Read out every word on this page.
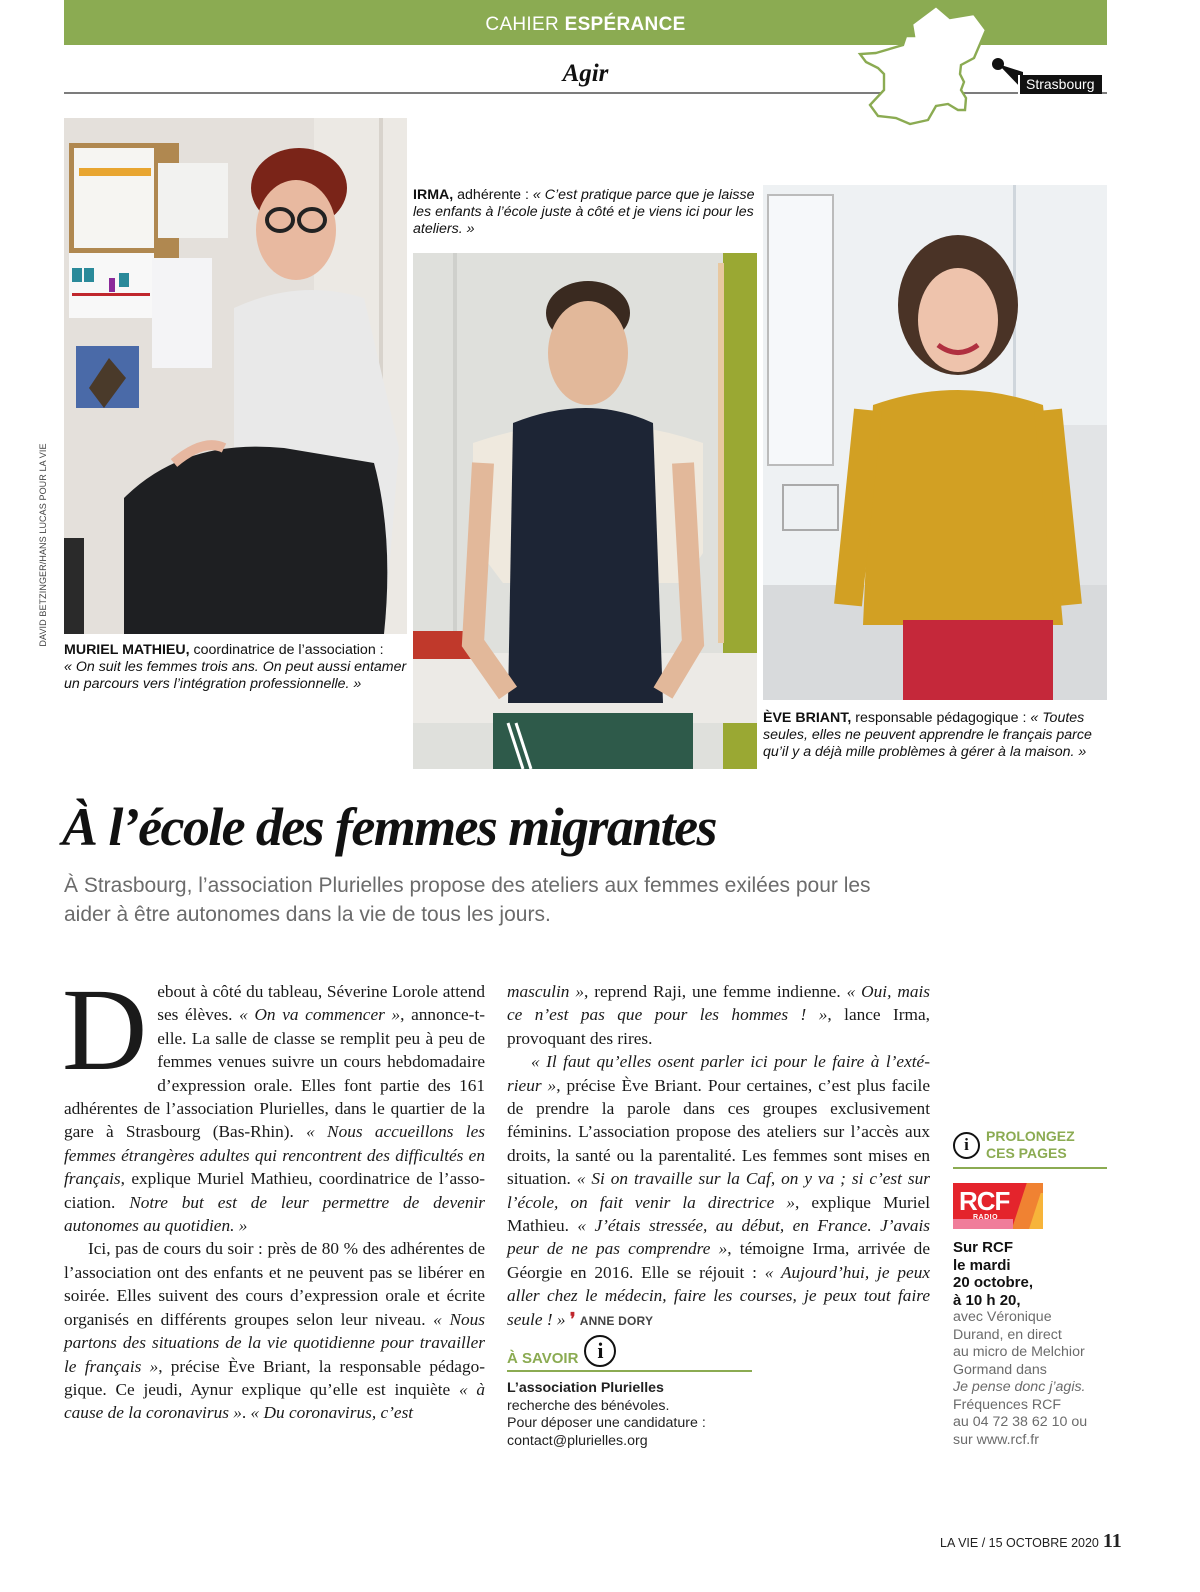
CAHIER ESPÉRANCE
Agir	Strasbourg
DAVID BETZINGER/HANS LUCAS POUR LA VIE
IRMA, adhérente : « C’est pratique parce que je laisse les enfants à l’école juste à côté et je viens ici pour les ateliers. »
MURIEL MATHIEU, coordinatrice de l’association :
« On suit les femmes trois ans. On peut aussi entamer un parcours vers l’intégration professionnelle. »
ÈVE BRIANT, responsable pédagogique : « Toutes seules, elles ne peuvent apprendre le français parce qu’il y a déjà mille problèmes à gérer à la maison. »
À l’école des femmes migrantes

À Strasbourg, l’association Plurielles propose des ateliers aux femmes exilées pour les aider à être autonomes dans la vie de tous les jours.

Debout à côté du tableau, Séverine Lorole attend ses élèves. « On va commencer », annonce-t-elle. La salle de classe se remplit peu à peu de femmes venues suivre un cours hebdomadaire d’expression orale. Elles font partie des 161 adhérentes de l’association Plurielles, dans le quartier de la gare à Strasbourg (Bas-Rhin). « Nous accueillons les femmes étrangères adultes qui rencontrent des difficultés en français, explique Muriel Mathieu, coordinatrice de l’association. Notre but est de leur permettre de devenir autonomes au quotidien. »
Ici, pas de cours du soir : près de 80 % des adhérentes de l’association ont des enfants et ne peuvent pas se libérer en soirée. Elles suivent des cours d’expression orale et écrite organisés en différents groupes selon leur niveau. « Nous partons des situations de la vie quotidienne pour travailler le français », précise Ève Briant, la responsable pédagogique. Ce jeudi, Aynur explique qu’elle est inquiète « à cause de la coronavirus ». « Du coronavirus, c’est
masculin », reprend Raji, une femme indienne. « Oui, mais ce n’est pas que pour les hommes ! », lance Irma, provoquant des rires.
« Il faut qu’elles osent parler ici pour le faire à l’extérieur », précise Ève Briant. Pour certaines, c’est plus facile de prendre la parole dans ces groupes exclusivement féminins. L’association propose des ateliers sur l’accès aux droits, la santé ou la parentalité. Les femmes sont mises en situation. « Si on travaille sur la Caf, on y va ; si c’est sur l’école, on fait venir la directrice », explique Muriel Mathieu. « J’étais stressée, au début, en France. J’avais peur de ne pas comprendre », témoigne Irma, arrivée de Géorgie en 2016. Elle se réjouit : « Aujourd’hui, je peux aller chez le médecin, faire les courses, je peux tout faire seule ! » ❜ ANNE DORY
À SAVOIR i
L’association Plurielles
recherche des bénévoles.
Pour déposer une candidature :
contact@plurielles.org
i	PROLONGEZ
CES PAGES
RCF
RADIO
Sur RCF
le mardi
20 octobre,
à 10 h 20,
avec Véronique
Durand, en direct
au micro de Melchior
Gormand dans
Je pense donc j’agis.
Fréquences RCF
au 04 72 38 62 10 ou
sur www.rcf.fr
LA VIE / 15 OCTOBRE 2020 11
